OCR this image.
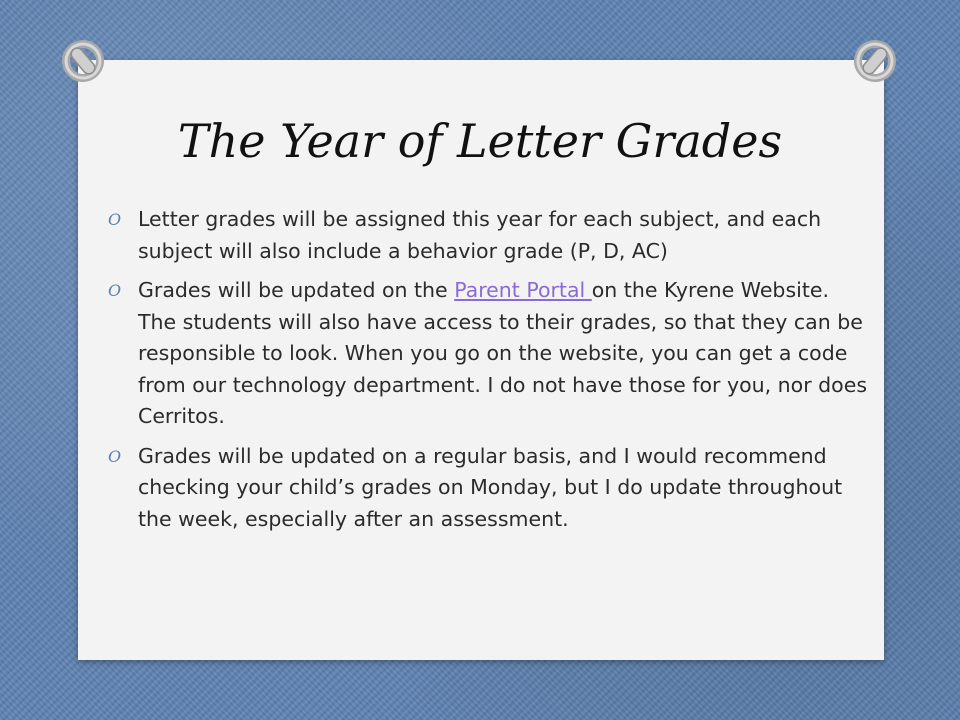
The Year of Letter Grades
O Letter grades will be assigned this year for each subject, and each subject will also include a behavior grade (P, D, AC)
O Grades will be updated on the Parent Portal on the Kyrene Website. The students will also have access to their grades, so that they can be responsible to look. When you go on the website, you can get a code from our technology department. I do not have those for you, nor does Cerritos.
O Grades will be updated on a regular basis, and I would recommend checking your child’s grades on Monday, but I do update throughout the week, especially after an assessment.
